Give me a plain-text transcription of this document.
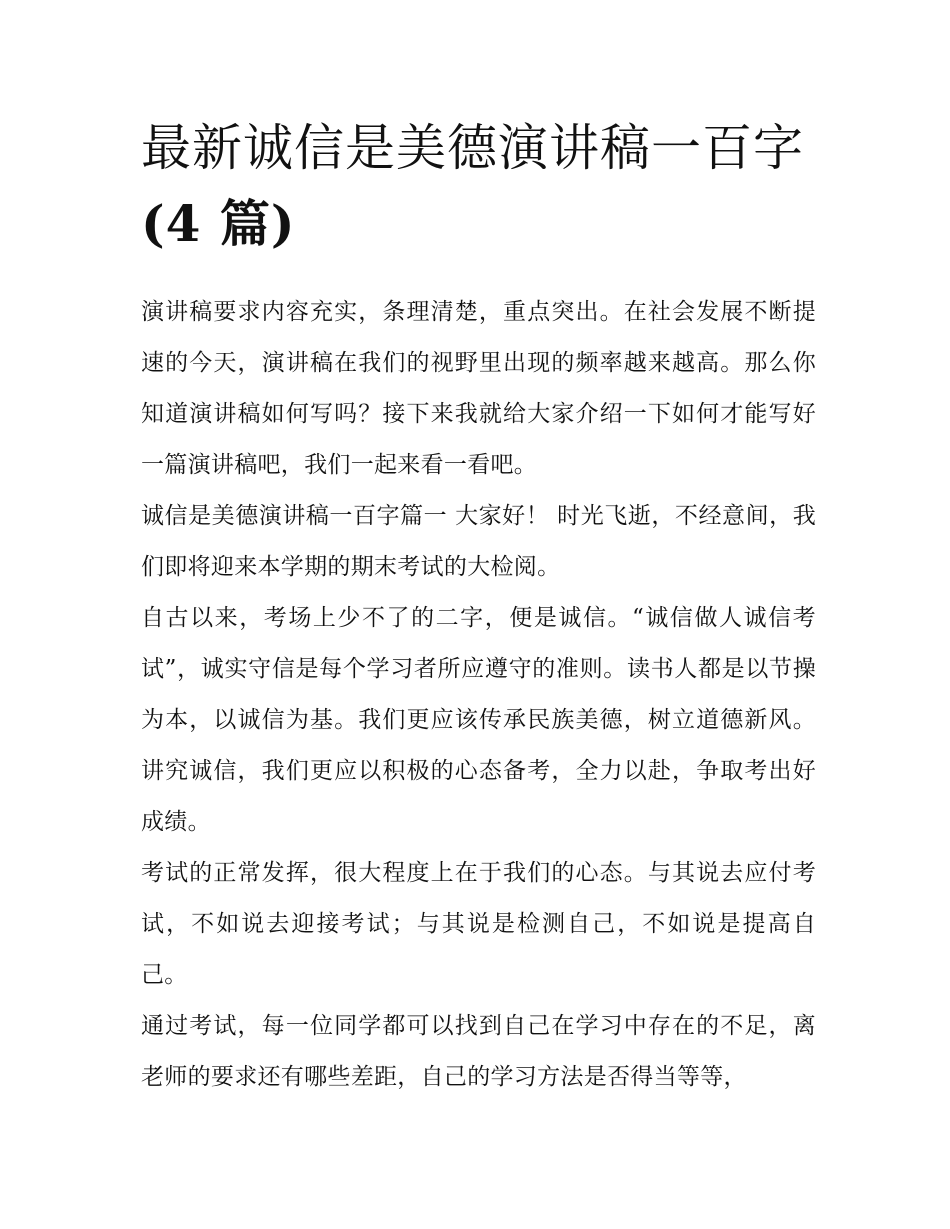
最新诚信是美德演讲稿一百字
(4 篇)

演讲稿要求内容充实，条理清楚，重点突出。在社会发展不断提速的今天，演讲稿在我们的视野里出现的频率越来越高。那么你知道演讲稿如何写吗？接下来我就给大家介绍一下如何才能写好一篇演讲稿吧，我们一起来看一看吧。

诚信是美德演讲稿一百字篇一 大家好！ 时光飞逝，不经意间，我们即将迎来本学期的期末考试的大检阅。

自古以来，考场上少不了的二字，便是诚信。“诚信做人诚信考试”，诚实守信是每个学习者所应遵守的准则。读书人都是以节操为本，以诚信为基。我们更应该传承民族美德，树立道德新风。讲究诚信，我们更应以积极的心态备考，全力以赴，争取考出好成绩。

考试的正常发挥，很大程度上在于我们的心态。与其说去应付考试，不如说去迎接考试；与其说是检测自己，不如说是提高自己。

通过考试，每一位同学都可以找到自己在学习中存在的不足，离老师的要求还有哪些差距，自己的学习方法是否得当等等，
